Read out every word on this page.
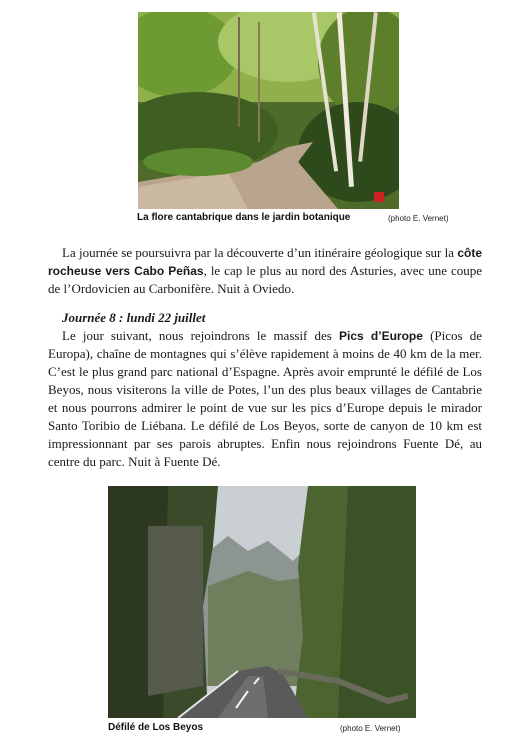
La flore cantabrique dans le jardin botanique	(photo E. Vernet)

La journée se poursuivra par la découverte d’un itinéraire géologique sur la côte rocheuse vers Cabo Peñas, le cap le plus au nord des Asturies, avec une coupe de l’Ordovicien au Carbonifère. Nuit à Oviedo.

Journée 8 : lundi 22 juillet

Le jour suivant, nous rejoindrons le massif des Pics d’Europe (Picos de Europa), chaîne de montagnes qui s’élève rapidement à moins de 40 km de la mer. C’est le plus grand parc national d’Espagne. Après avoir emprunté le défilé de Los Beyos, nous visiterons la ville de Potes, l’un des plus beaux villages de Cantabrie et nous pourrons admirer le point de vue sur les pics d’Europe depuis le mirador Santo Toribio de Liébana. Le défilé de Los Beyos, sorte de canyon de 10 km est impressionnant par ses parois abruptes. Enfin nous rejoindrons Fuente Dé, au centre du parc. Nuit à Fuente Dé.

Défilé de Los Beyos	(photo E. Vernet)
